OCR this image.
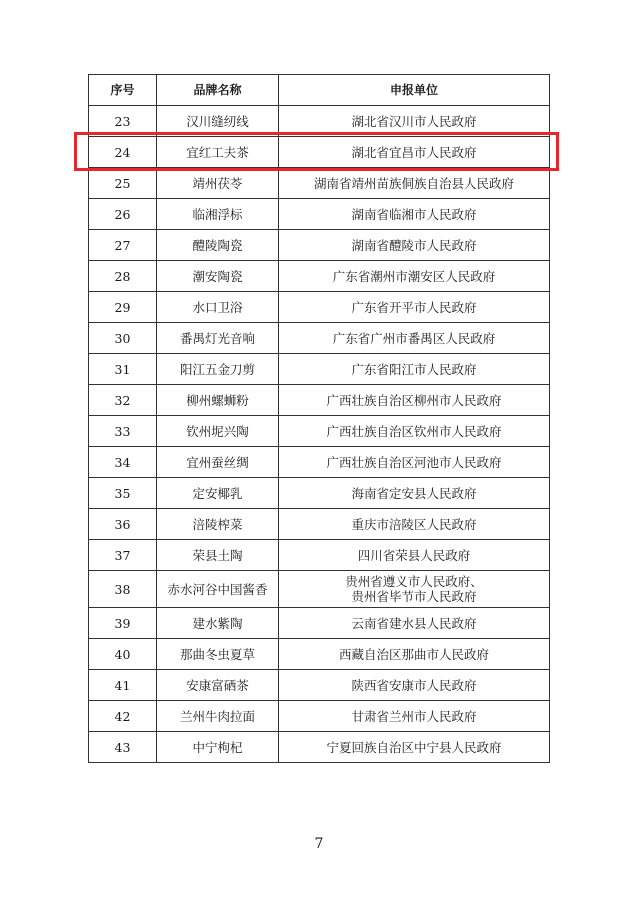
序号	品牌名称	申报单位
23	汉川缝纫线	湖北省汉川市人民政府

24	宜红工夫茶	湖北省宜昌市人民政府

25	靖州茯苓	湖南省靖州苗族侗族自治县人民政府

26	临湘浮标	湖南省临湘市人民政府

27	醴陵陶瓷	湖南省醴陵市人民政府

28	潮安陶瓷	广东省潮州市潮安区人民政府

29	水口卫浴	广东省开平市人民政府

30	番禺灯光音响	广东省广州市番禺区人民政府

31	阳江五金刀剪	广东省阳江市人民政府

32	柳州螺蛳粉	广西壮族自治区柳州市人民政府

33	钦州坭兴陶	广西壮族自治区钦州市人民政府

34	宜州蚕丝绸	广西壮族自治区河池市人民政府

35	定安椰乳	海南省定安县人民政府

36	涪陵榨菜	重庆市涪陵区人民政府

37	荣县土陶	四川省荣县人民政府

38	赤水河谷中国酱香	贵州省遵义市人民政府、
贵州省毕节市人民政府

39	建水紫陶	云南省建水县人民政府

40	那曲冬虫夏草	西藏自治区那曲市人民政府

41	安康富硒茶	陕西省安康市人民政府

42	兰州牛肉拉面	甘肃省兰州市人民政府

43	中宁枸杞	宁夏回族自治区中宁县人民政府
7
